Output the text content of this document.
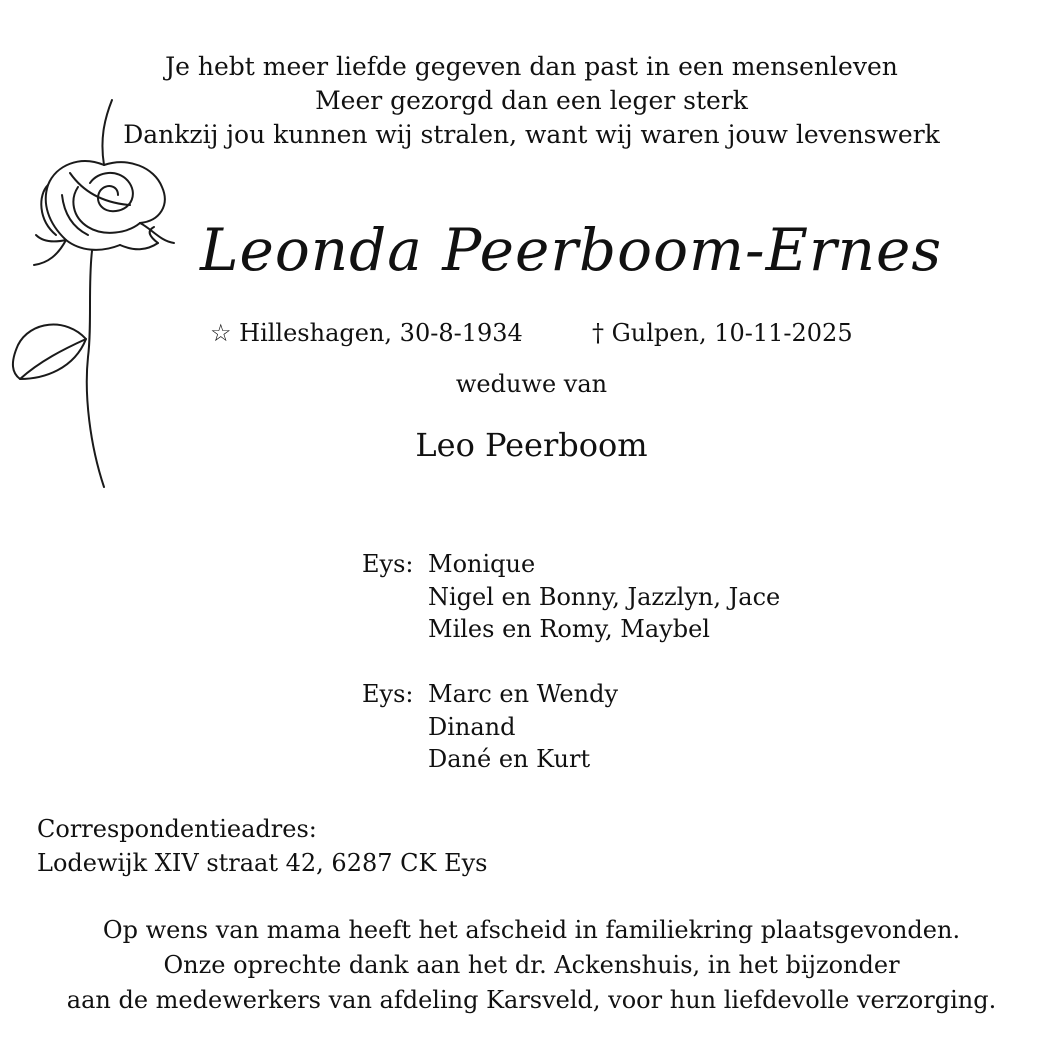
Je hebt meer liefde gegeven dan past in een mensenleven
Meer gezorgd dan een leger sterk
Dankzij jou kunnen wij stralen, want wij waren jouw levenswerk
Leonda Peerboom-Ernes
☆ Hilleshagen, 30-8-1934	† Gulpen, 10-11-2025
weduwe van
Leo Peerboom
Eys: Monique
Nigel en Bonny, Jazzlyn, Jace
Miles en Romy, Maybel
Eys: Marc en Wendy
Dinand
Dané en Kurt
Correspondentieadres:
Lodewijk XIV straat 42, 6287 CK Eys
Op wens van mama heeft het afscheid in familiekring plaatsgevonden.
Onze oprechte dank aan het dr. Ackenshuis, in het bijzonder
aan de medewerkers van afdeling Karsveld, voor hun liefdevolle verzorging.
